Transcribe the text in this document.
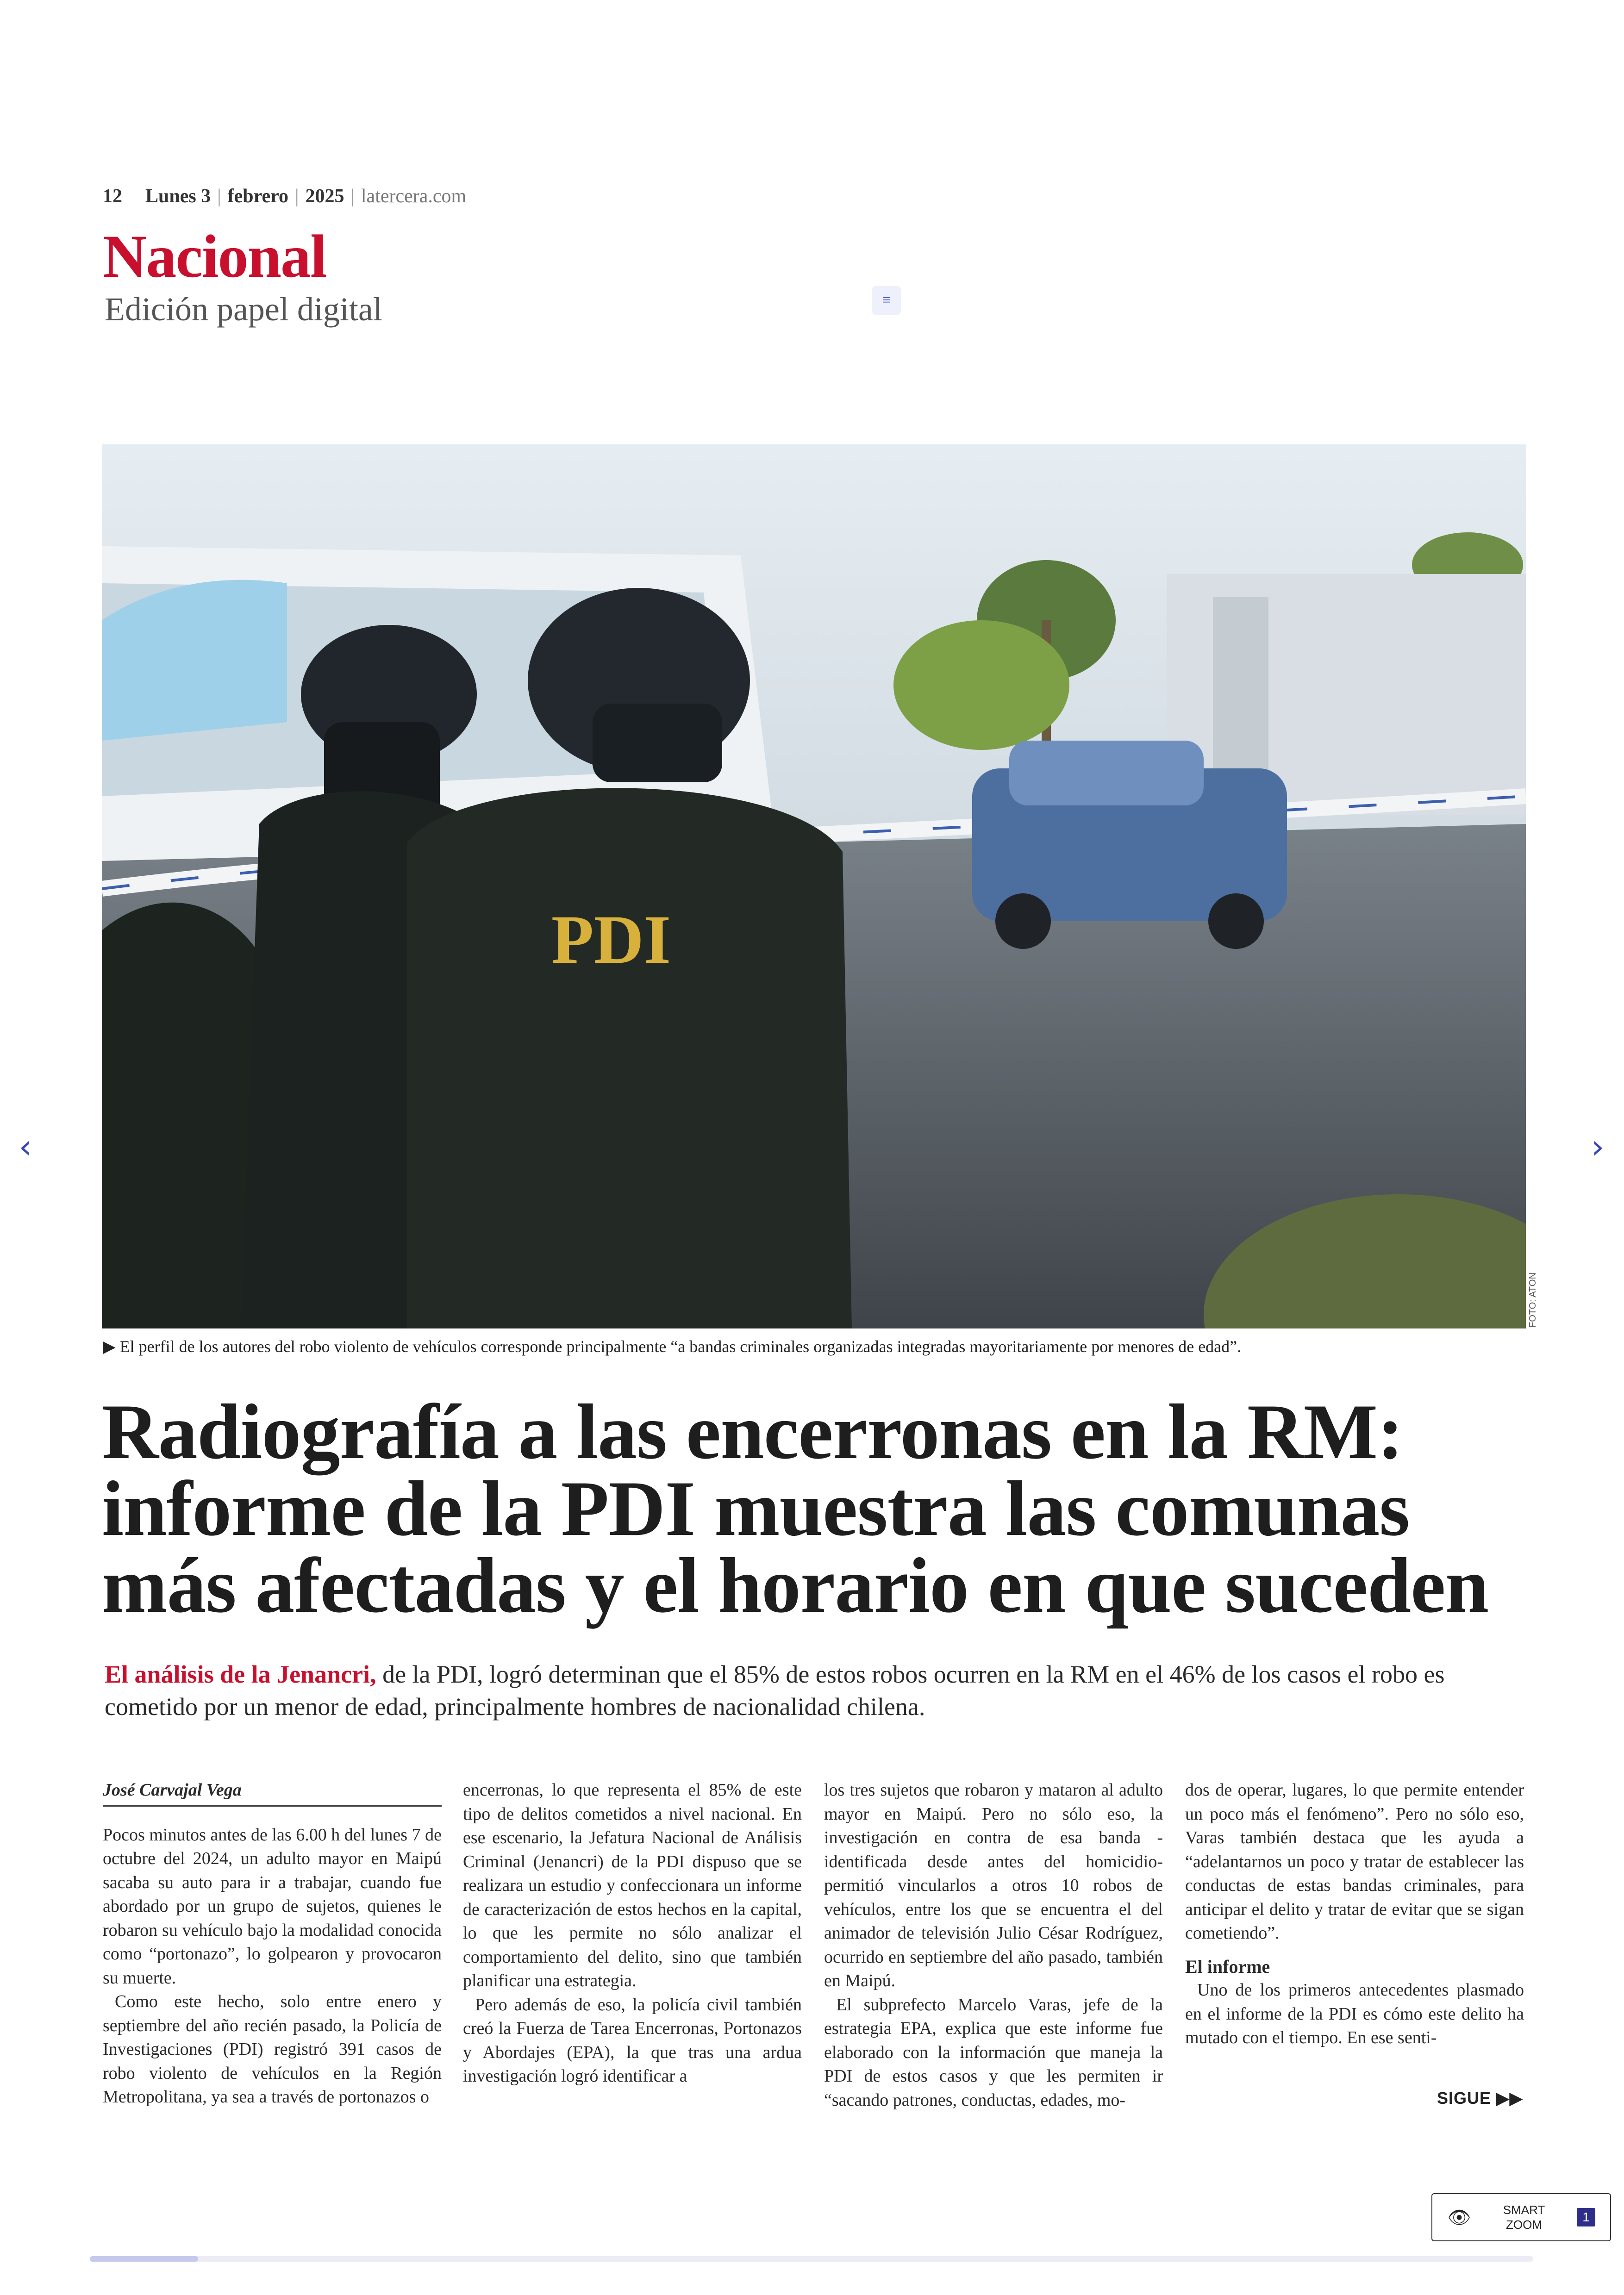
12 Lunes 3 | febrero | 2025 | latercera.com
Nacional
Edición papel digital	≡
PDI
FOTO: ATON
▶ El perfil de los autores del robo violento de vehículos corresponde principalmente “a bandas criminales organizadas integradas mayoritariamente por menores de edad”.
‹	›
Radiografía a las encerronas en la RM:
informe de la PDI muestra las comunas
más afectadas y el horario en que suceden
El análisis de la Jenancri, de la PDI, logró determinan que el 85% de estos robos ocurren en la RM en el 46% de los casos el robo es cometido por un menor de edad, principalmente hombres de nacionalidad chilena.
José Carvajal Vega

Pocos minutos antes de las 6.00 h del lunes 7 de octubre del 2024, un adulto mayor en Maipú sacaba su auto para ir a trabajar, cuando fue abordado por un grupo de sujetos, quienes le robaron su vehículo bajo la modalidad conocida como “portonazo”, lo golpearon y provocaron su muerte.

Como este hecho, solo entre enero y septiembre del año recién pasado, la Policía de Investigaciones (PDI) registró 391 casos de robo violento de vehículos en la Región Metropolitana, ya sea a través de portonazos o

encerronas, lo que representa el 85% de este tipo de delitos cometidos a nivel nacional. En ese escenario, la Jefatura Nacional de Análisis Criminal (Jenancri) de la PDI dispuso que se realizara un estudio y confeccionara un informe de caracterización de estos hechos en la capital, lo que les permite no sólo analizar el comportamiento del delito, sino que también planificar una estrategia.

Pero además de eso, la policía civil también creó la Fuerza de Tarea Encerronas, Portonazos y Abordajes (EPA), la que tras una ardua investigación logró identificar a

los tres sujetos que robaron y mataron al adulto mayor en Maipú. Pero no sólo eso, la investigación en contra de esa banda -identificada desde antes del homicidio- permitió vincularlos a otros 10 robos de vehículos, entre los que se encuentra el del animador de televisión Julio César Rodríguez, ocurrido en septiembre del año pasado, también en Maipú.

El subprefecto Marcelo Varas, jefe de la estrategia EPA, explica que este informe fue elaborado con la información que maneja la PDI de estos casos y que les permiten ir “sacando patrones, conductas, edades, mo-

dos de operar, lugares, lo que permite entender un poco más el fenómeno”. Pero no sólo eso, Varas también destaca que les ayuda a “adelantarnos un poco y tratar de establecer las conductas de estas bandas criminales, para anticipar el delito y tratar de evitar que se sigan cometiendo”.

El informe

Uno de los primeros antecedentes plasmado en el informe de la PDI es cómo este delito ha mutado con el tiempo. En ese senti-

SIGUE ▶▶
👁	SMART
ZOOM
1
